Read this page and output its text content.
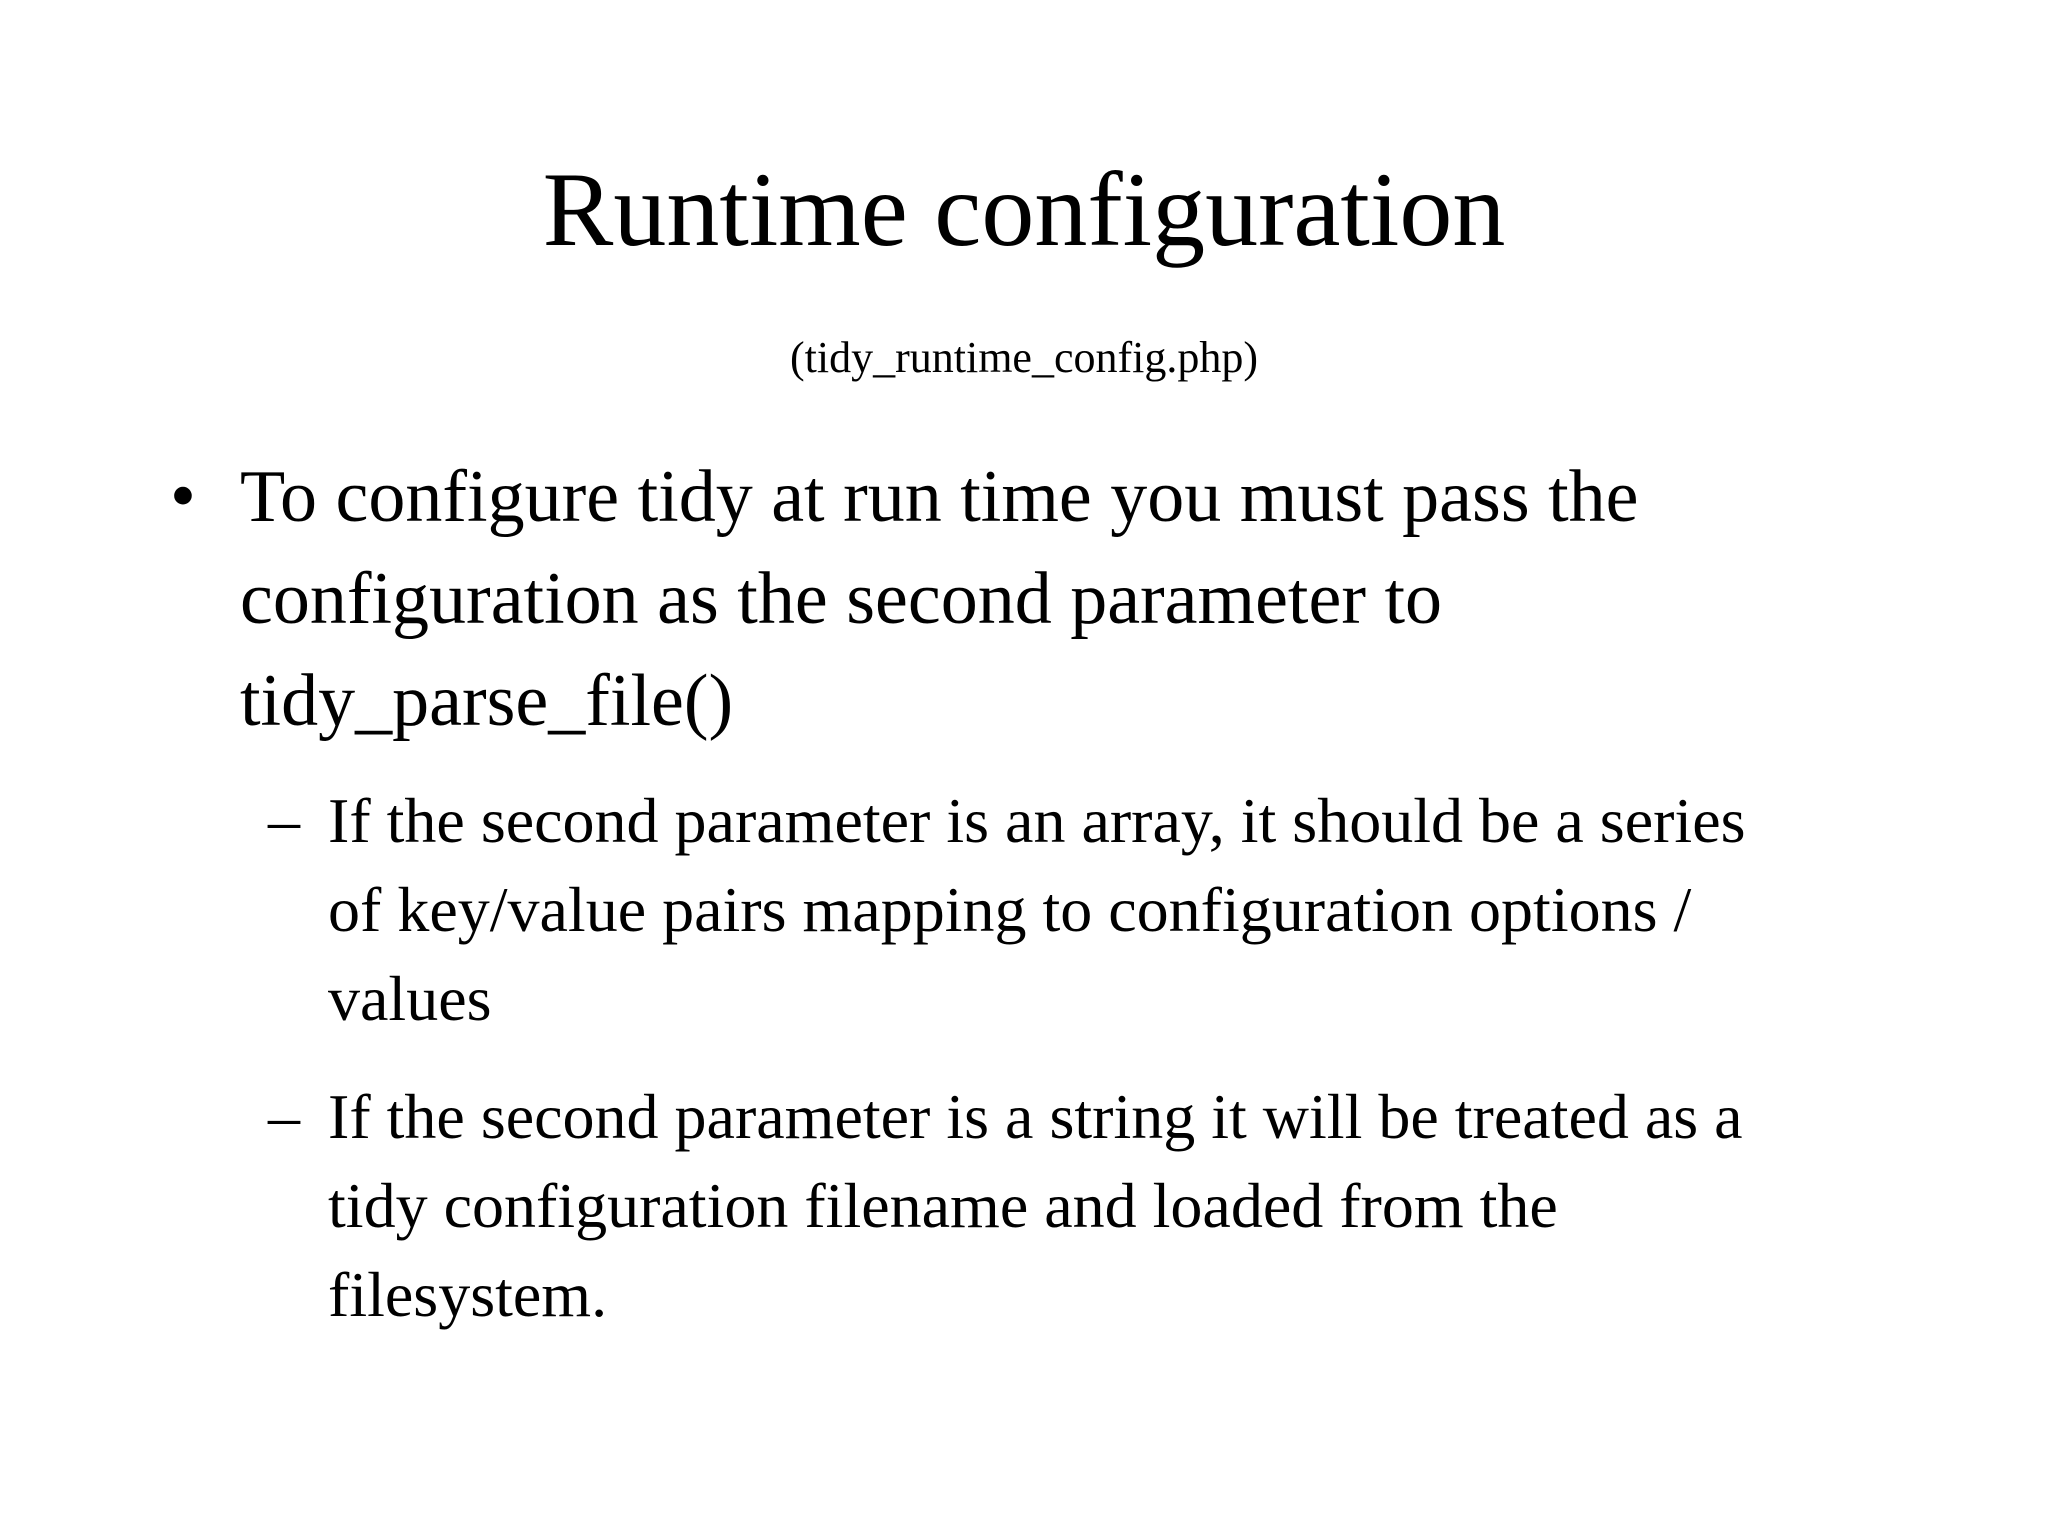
Runtime configuration
(tidy_runtime_config.php)
• To configure tidy at run time you must pass the
configuration as the second parameter to
tidy_parse_file()
– If the second parameter is an array, it should be a series
of key/value pairs mapping to configuration options /
values
– If the second parameter is a string it will be treated as a
tidy configuration filename and loaded from the
filesystem.
